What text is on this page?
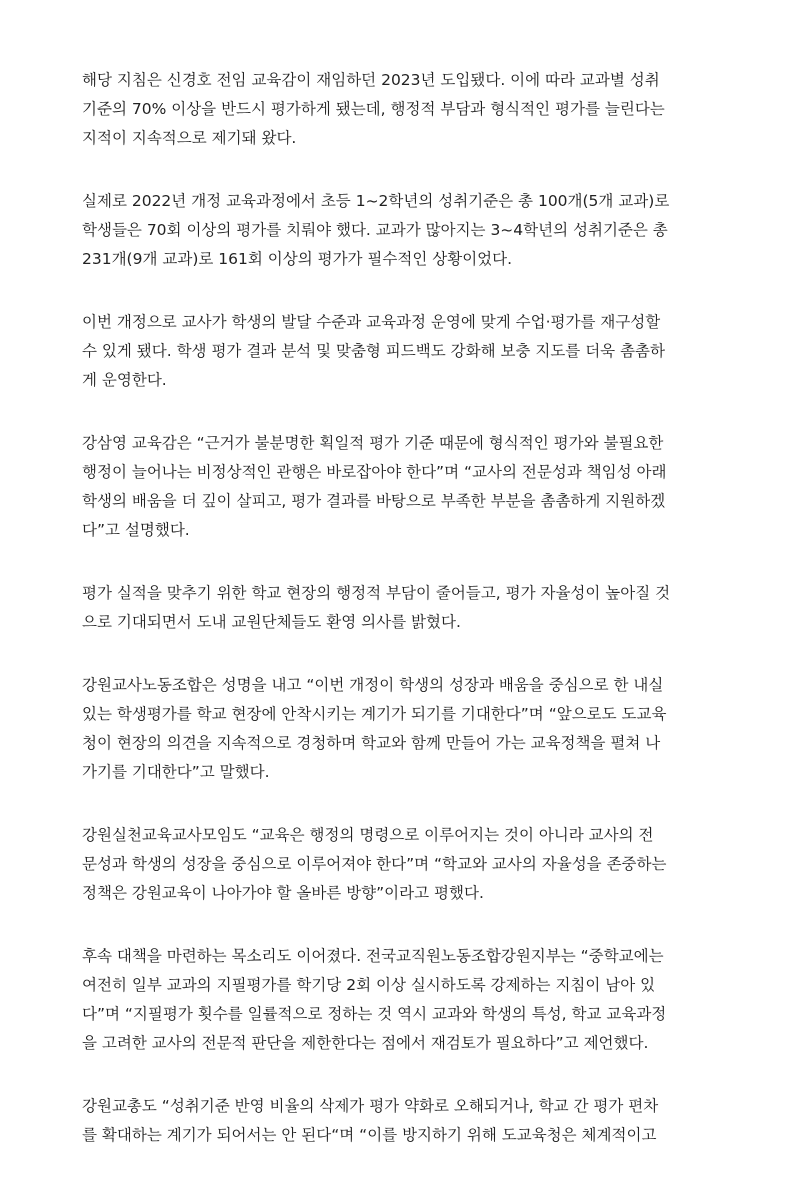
해당 지침은 신경호 전임 교육감이 재임하던 2023년 도입됐다. 이에 따라 교과별 성취
기준의 70% 이상을 반드시 평가하게 됐는데, 행정적 부담과 형식적인 평가를 늘린다는
지적이 지속적으로 제기돼 왔다.

실제로 2022년 개정 교육과정에서 초등 1~2학년의 성취기준은 총 100개(5개 교과)로
학생들은 70회 이상의 평가를 치뤄야 했다. 교과가 많아지는 3~4학년의 성취기준은 총
231개(9개 교과)로 161회 이상의 평가가 필수적인 상황이었다.

이번 개정으로 교사가 학생의 발달 수준과 교육과정 운영에 맞게 수업·평가를 재구성할
수 있게 됐다. 학생 평가 결과 분석 및 맞춤형 피드백도 강화해 보충 지도를 더욱 촘촘하
게 운영한다.

강삼영 교육감은 “근거가 불분명한 획일적 평가 기준 때문에 형식적인 평가와 불필요한
행정이 늘어나는 비정상적인 관행은 바로잡아야 한다”며 “교사의 전문성과 책임성 아래
학생의 배움을 더 깊이 살피고, 평가 결과를 바탕으로 부족한 부분을 촘촘하게 지원하겠
다”고 설명했다.

평가 실적을 맞추기 위한 학교 현장의 행정적 부담이 줄어들고, 평가 자율성이 높아질 것
으로 기대되면서 도내 교원단체들도 환영 의사를 밝혔다.

강원교사노동조합은 성명을 내고 “이번 개정이 학생의 성장과 배움을 중심으로 한 내실
있는 학생평가를 학교 현장에 안착시키는 계기가 되기를 기대한다”며 “앞으로도 도교육
청이 현장의 의견을 지속적으로 경청하며 학교와 함께 만들어 가는 교육정책을 펼쳐 나
가기를 기대한다”고 말했다.

강원실천교육교사모임도 “교육은 행정의 명령으로 이루어지는 것이 아니라 교사의 전
문성과 학생의 성장을 중심으로 이루어져야 한다”며 “학교와 교사의 자율성을 존중하는
정책은 강원교육이 나아가야 할 올바른 방향”이라고 평했다.

후속 대책을 마련하는 목소리도 이어졌다. 전국교직원노동조합강원지부는 “중학교에는
여전히 일부 교과의 지필평가를 학기당 2회 이상 실시하도록 강제하는 지침이 남아 있
다”며 “지필평가 횟수를 일률적으로 정하는 것 역시 교과와 학생의 특성, 학교 교육과정
을 고려한 교사의 전문적 판단을 제한한다는 점에서 재검토가 필요하다”고 제언했다.

강원교총도 “성취기준 반영 비율의 삭제가 평가 약화로 오해되거나, 학교 간 평가 편차
를 확대하는 계기가 되어서는 안 된다“며 “이를 방지하기 위해 도교육청은 체계적이고
